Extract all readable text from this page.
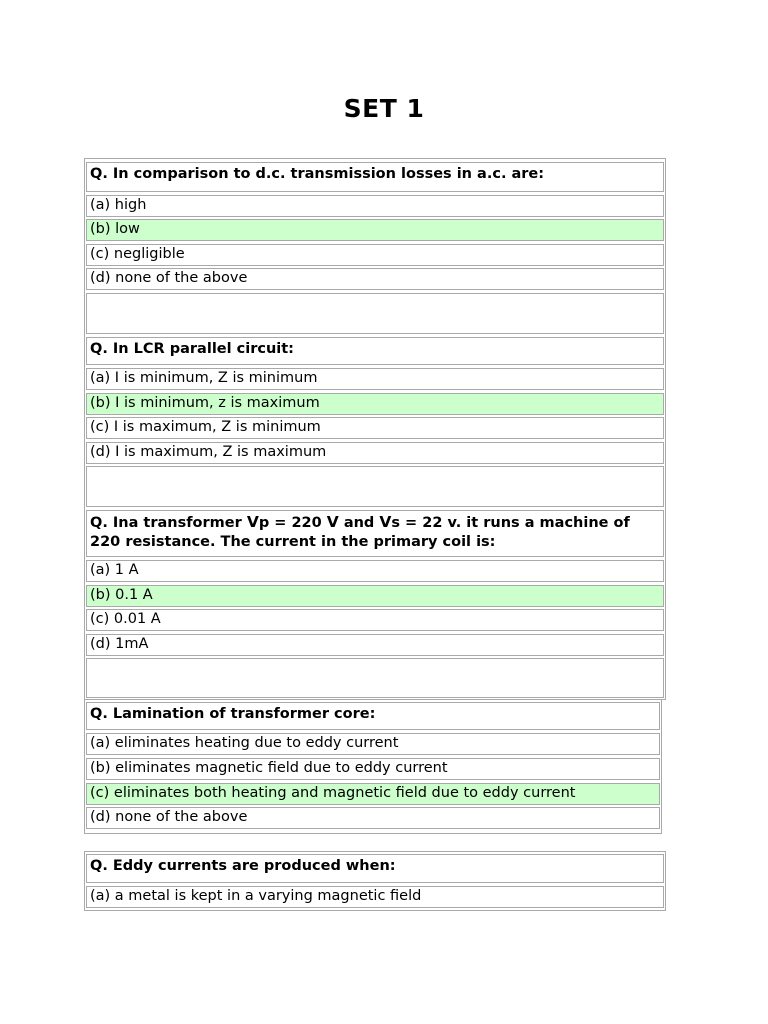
SET 1
Q. In comparison to d.c. transmission losses in a.c. are:
(a) high
(b) low
(c) negligible
(d) none of the above
Q. In LCR parallel circuit:
(a) I is minimum, Z is minimum
(b) I is minimum, z is maximum
(c) I is maximum, Z is minimum
(d) I is maximum, Z is maximum
Q. Ina transformer Vp = 220 V and Vs = 22 v. it runs a machine of 220 resistance. The current in the primary coil is:
(a) 1 A
(b) 0.1 A
(c) 0.01 A
(d) 1mA
Q. Lamination of transformer core:
(a) eliminates heating due to eddy current
(b) eliminates magnetic field due to eddy current
(c) eliminates both heating and magnetic field due to eddy current
(d) none of the above
Q. Eddy currents are produced when:
(a) a metal is kept in a varying magnetic field
